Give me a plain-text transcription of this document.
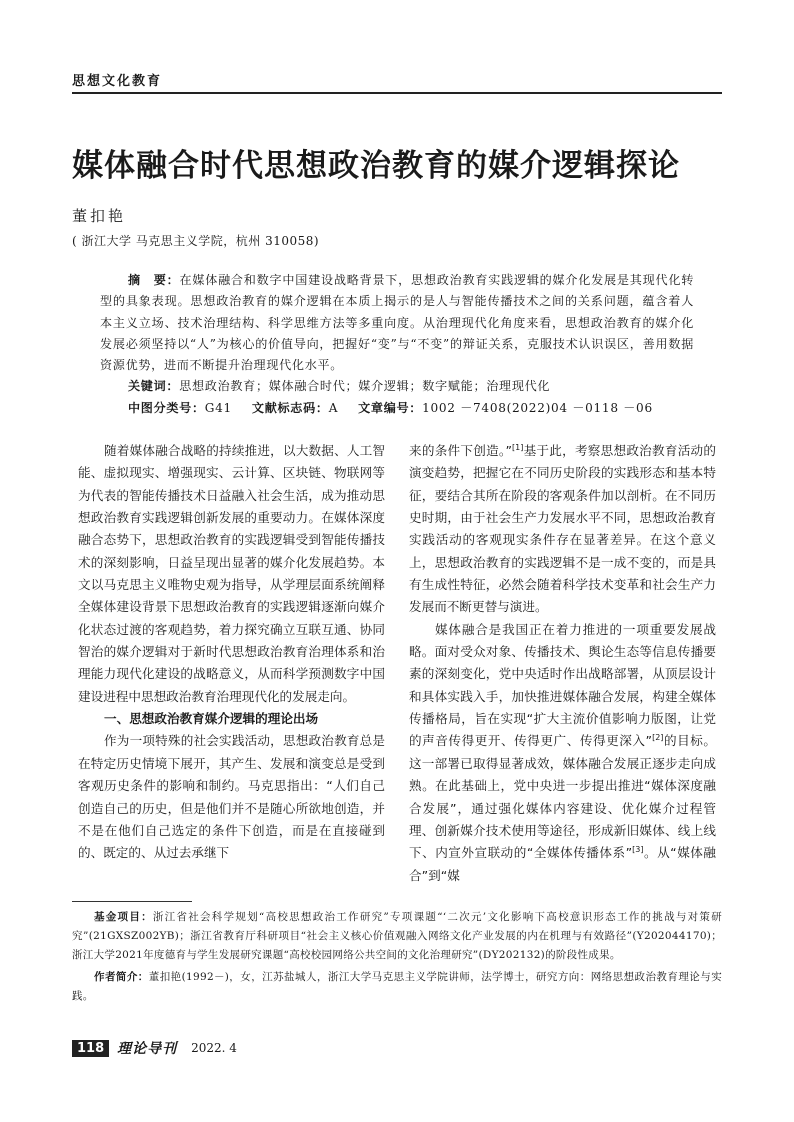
思想文化教育
媒体融合时代思想政治教育的媒介逻辑探论
董扣艳
( 浙江大学 马克思主义学院，杭州 310058)

摘　要：在媒体融合和数字中国建设战略背景下，思想政治教育实践逻辑的媒介化发展是其现代化转型的具象表现。思想政治教育的媒介逻辑在本质上揭示的是人与智能传播技术之间的关系问题，蕴含着人本主义立场、技术治理结构、科学思维方法等多重向度。从治理现代化角度来看，思想政治教育的媒介化发展必须坚持以“人”为核心的价值导向，把握好“变”与“不变”的辩证关系，克服技术认识误区，善用数据资源优势，进而不断提升治理现代化水平。

关键词：思想政治教育；媒体融合时代；媒介逻辑；数字赋能；治理现代化

中图分类号：G41 文献标志码：A 文章编号：1002 －7408(2022)04 －0118 －06

随着媒体融合战略的持续推进，以大数据、人工智能、虚拟现实、增强现实、云计算、区块链、物联网等为代表的智能传播技术日益融入社会生活，成为推动思想政治教育实践逻辑创新发展的重要动力。在媒体深度融合态势下，思想政治教育的实践逻辑受到智能传播技术的深刻影响，日益呈现出显著的媒介化发展趋势。本文以马克思主义唯物史观为指导，从学理层面系统阐释全媒体建设背景下思想政治教育的实践逻辑逐渐向媒介化状态过渡的客观趋势，着力探究确立互联互通、协同智治的媒介逻辑对于新时代思想政治教育治理体系和治理能力现代化建设的战略意义，从而科学预测数字中国建设进程中思想政治教育治理现代化的发展走向。

一、思想政治教育媒介逻辑的理论出场

作为一项特殊的社会实践活动，思想政治教育总是在特定历史情境下展开，其产生、发展和演变总是受到客观历史条件的影响和制约。马克思指出：“人们自己创造自己的历史，但是他们并不是随心所欲地创造，并不是在他们自己选定的条件下创造，而是在直接碰到的、既定的、从过去承继下

来的条件下创造。”[1]基于此，考察思想政治教育活动的演变趋势，把握它在不同历史阶段的实践形态和基本特征，要结合其所在阶段的客观条件加以剖析。在不同历史时期，由于社会生产力发展水平不同，思想政治教育实践活动的客观现实条件存在显著差异。在这个意义上，思想政治教育的实践逻辑不是一成不变的，而是具有生成性特征，必然会随着科学技术变革和社会生产力发展而不断更替与演进。

媒体融合是我国正在着力推进的一项重要发展战略。面对受众对象、传播技术、舆论生态等信息传播要素的深刻变化，党中央适时作出战略部署，从顶层设计和具体实践入手，加快推进媒体融合发展，构建全媒体传播格局，旨在实现“扩大主流价值影响力版图，让党的声音传得更开、传得更广、传得更深入”[2]的目标。这一部署已取得显著成效，媒体融合发展正逐步走向成熟。在此基础上，党中央进一步提出推进“媒体深度融合发展”，通过强化媒体内容建设、优化媒介过程管理、创新媒介技术使用等途径，形成新旧媒体、线上线下、内宣外宣联动的“全媒体传播体系”[3]。从“媒体融合”到“媒

基金项目：浙江省社会科学规划“高校思想政治工作研究”专项课题“‘二次元’文化影响下高校意识形态工作的挑战与对策研究”(21GXSZ002YB)；浙江省教育厅科研项目“社会主义核心价值观融入网络文化产业发展的内在机理与有效路径”(Y202044170)；浙江大学2021年度德育与学生发展研究课题“高校校园网络公共空间的文化治理研究”(DY202132)的阶段性成果。

作者简介：董扣艳(1992－)，女，江苏盐城人，浙江大学马克思主义学院讲师，法学博士，研究方向：网络思想政治教育理论与实践。

118 理论导刊 2022. 4
